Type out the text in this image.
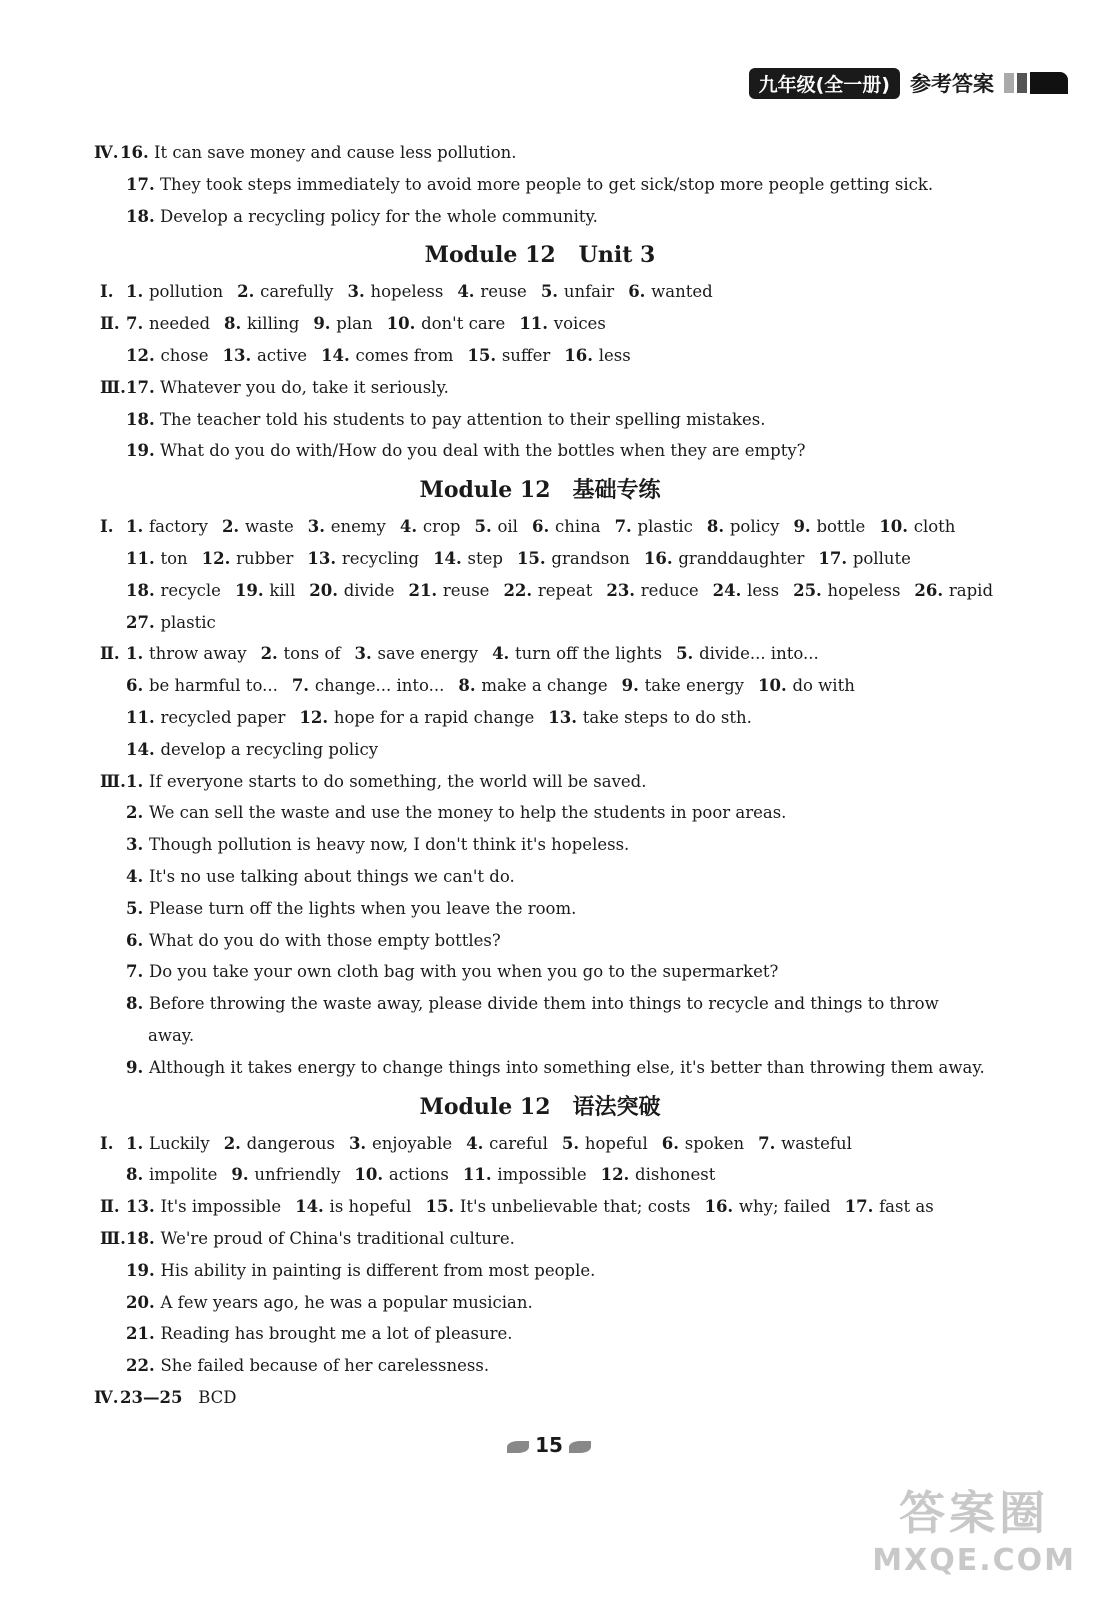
九年级(全一册) 参考答案
Ⅳ.16. It can save money and cause less pollution.
17. They took steps immediately to avoid more people to get sick/stop more people getting sick.
18. Develop a recycling policy for the whole community.
Module 12   Unit 3
Ⅰ. 1. pollution 2. carefully 3. hopeless 4. reuse 5. unfair 6. wanted
Ⅱ. 7. needed 8. killing 9. plan 10. don't care 11. voices
12. chose 13. active 14. comes from 15. suffer 16. less
Ⅲ.17. Whatever you do, take it seriously.
18. The teacher told his students to pay attention to their spelling mistakes.
19. What do you do with/How do you deal with the bottles when they are empty?
Module 12 基础专练
Ⅰ. 1. factory 2. waste 3. enemy 4. crop 5. oil 6. china 7. plastic 8. policy 9. bottle 10. cloth
11. ton 12. rubber 13. recycling 14. step 15. grandson 16. granddaughter 17. pollute
18. recycle 19. kill 20. divide 21. reuse 22. repeat 23. reduce 24. less 25. hopeless 26. rapid
27. plastic
Ⅱ. 1. throw away 2. tons of 3. save energy 4. turn off the lights 5. divide... into...
6. be harmful to... 7. change... into... 8. make a change 9. take energy 10. do with
11. recycled paper 12. hope for a rapid change 13. take steps to do sth.
14. develop a recycling policy
Ⅲ.1. If everyone starts to do something, the world will be saved.
2. We can sell the waste and use the money to help the students in poor areas.
3. Though pollution is heavy now, I don't think it's hopeless.
4. It's no use talking about things we can't do.
5. Please turn off the lights when you leave the room.
6. What do you do with those empty bottles?
7. Do you take your own cloth bag with you when you go to the supermarket?
8. Before throwing the waste away, please divide them into things to recycle and things to throw
away.
9. Although it takes energy to change things into something else, it's better than throwing them away.
Module 12 语法突破
Ⅰ. 1. Luckily 2. dangerous 3. enjoyable 4. careful 5. hopeful 6. spoken 7. wasteful
8. impolite 9. unfriendly 10. actions 11. impossible 12. dishonest
Ⅱ. 13. It's impossible 14. is hopeful 15. It's unbelievable that; costs 16. why; failed 17. fast as
Ⅲ.18. We're proud of China's traditional culture.
19. His ability in painting is different from most people.
20. A few years ago, he was a popular musician.
21. Reading has brought me a lot of pleasure.
22. She failed because of her carelessness.
Ⅳ.23—25 BCD
15
答案圈
MXQE.COM
